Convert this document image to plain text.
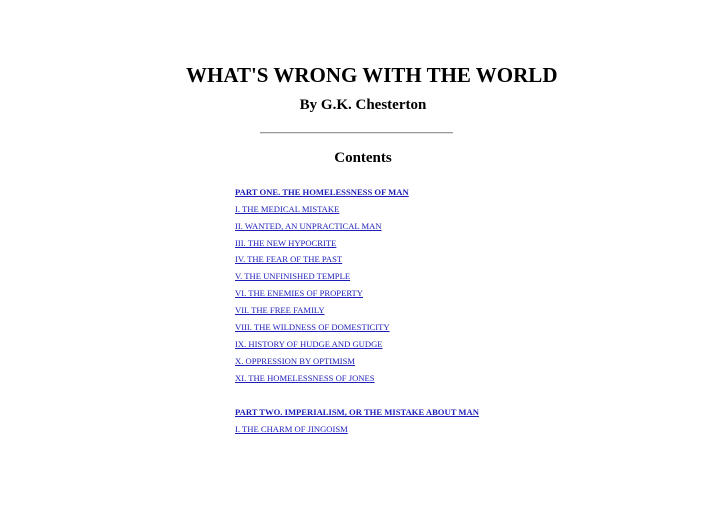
WHAT'S WRONG WITH THE WORLD
By G.K. Chesterton
Contents
PART ONE. THE HOMELESSNESS OF MAN
I. THE MEDICAL MISTAKE
II. WANTED, AN UNPRACTICAL MAN
III. THE NEW HYPOCRITE
IV. THE FEAR OF THE PAST
V. THE UNFINISHED TEMPLE
VI. THE ENEMIES OF PROPERTY
VII. THE FREE FAMILY
VIII. THE WILDNESS OF DOMESTICITY
IX. HISTORY OF HUDGE AND GUDGE
X. OPPRESSION BY OPTIMISM
XI. THE HOMELESSNESS OF JONES
PART TWO. IMPERIALISM, OR THE MISTAKE ABOUT MAN
I. THE CHARM OF JINGOISM
